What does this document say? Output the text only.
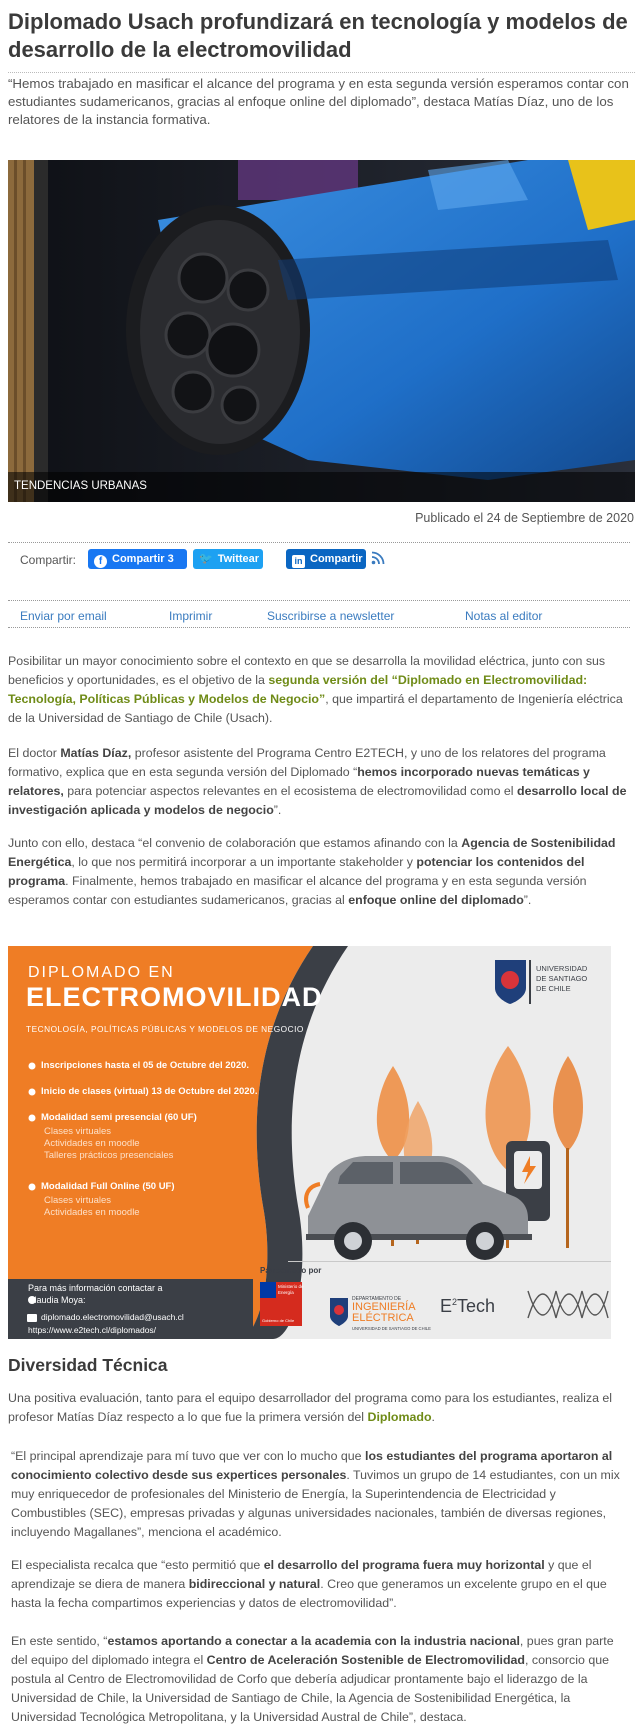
Diplomado Usach profundizará en tecnología y modelos de desarrollo de la electromovilidad

“Hemos trabajado en masificar el alcance del programa y en esta segunda versión esperamos contar con estudiantes sudamericanos, gracias al enfoque online del diplomado”, destaca Matías Díaz, uno de los relatores de la instancia formativa.

TENDENCIAS URBANAS
Publicado el 24 de Septiembre de 2020
Compartir:	f Compartir 3	🐦 Twittear	in Compartir
Enviar por email	Imprimir	Suscribirse a newsletter	Notas al editor

Posibilitar un mayor conocimiento sobre el contexto en que se desarrolla la movilidad eléctrica, junto con sus beneficios y oportunidades, es el objetivo de la segunda versión del “Diplomado en Electromovilidad: Tecnología, Políticas Públicas y Modelos de Negocio”, que impartirá el departamento de Ingeniería eléctrica de la Universidad de Santiago de Chile (Usach).

El doctor Matías Díaz, profesor asistente del Programa Centro E2TECH, y uno de los relatores del programa formativo, explica que en esta segunda versión del Diplomado “hemos incorporado nuevas temáticas y relatores, para potenciar aspectos relevantes en el ecosistema de electromovilidad como el desarrollo local de investigación aplicada y modelos de negocio”.

Junto con ello, destaca “el convenio de colaboración que estamos afinando con la Agencia de Sostenibilidad Energética, lo que nos permitirá incorporar a un importante stakeholder y potenciar los contenidos del programa. Finalmente, hemos trabajado en masificar el alcance del programa y en esta segunda versión esperamos contar con estudiantes sudamericanos, gracias al enfoque online del diplomado”.

DIPLOMADO EN
ELECTROMOVILIDAD
TECNOLOGÍA, POLÍTICAS PÚBLICAS Y MODELOS DE NEGOCIO
Inscripciones hasta el 05 de Octubre del 2020.
Inicio de clases (virtual) 13 de Octubre del 2020.
Modalidad semi presencial (60 UF)
Clases virtuales
Actividades en moodle
Talleres prácticos presenciales
Modalidad Full Online (50 UF)
Clases virtuales
Actividades en moodle
Para más información contactar a
Claudia Moya:
diplomado.electromovilidad@usach.cl
https://www.e2tech.cl/diplomados/
UNIVERSIDAD
DE SANTIAGO
DE CHILE
Patrocinado por
Ministerio de
Energía
Gobierno de Chile
DEPARTAMENTO DE
INGENIERÍA
ELÉCTRICA
UNIVERSIDAD DE SANTIAGO DE CHILE
$E^2Tech$
Diversidad Técnica

Una positiva evaluación, tanto para el equipo desarrollador del programa como para los estudiantes, realiza el profesor Matías Díaz respecto a lo que fue la primera versión del Diplomado.

“El principal aprendizaje para mí tuvo que ver con lo mucho que los estudiantes del programa aportaron al conocimiento colectivo desde sus expertices personales. Tuvimos un grupo de 14 estudiantes, con un mix muy enriquecedor de profesionales del Ministerio de Energía, la Superintendencia de Electricidad y Combustibles (SEC), empresas privadas y algunas universidades nacionales, también de diversas regiones, incluyendo Magallanes”, menciona el académico.

El especialista recalca que “esto permitió que el desarrollo del programa fuera muy horizontal y que el aprendizaje se diera de manera bidireccional y natural. Creo que generamos un excelente grupo en el que hasta la fecha compartimos experiencias y datos de electromovilidad”.

En este sentido, “estamos aportando a conectar a la academia con la industria nacional, pues gran parte del equipo del diplomado integra el Centro de Aceleración Sostenible de Electromovilidad, consorcio que postula al Centro de Electromovilidad de Corfo que debería adjudicar prontamente bajo el liderazgo de la Universidad de Chile, la Universidad de Santiago de Chile, la Agencia de Sostenibilidad Energética, la Universidad Tecnológica Metropolitana, y la Universidad Austral de Chile”, destaca.
